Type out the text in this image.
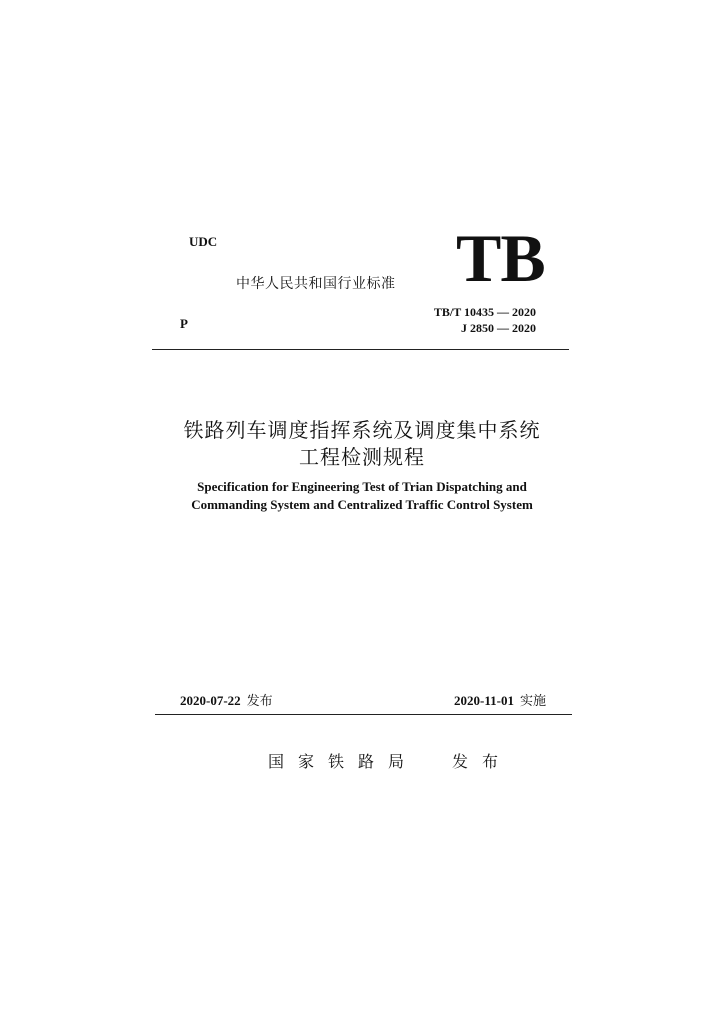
UDC
中华人民共和国行业标准 TB
P
TB/T 10435 — 2020
J 2850 — 2020
铁路列车调度指挥系统及调度集中系统
工程检测规程
Specification for Engineering Test of Trian Dispatching and
Commanding System and Centralized Traffic Control System
2020-07-22 发布	2020-11-01 实施
国家铁路局 发布
